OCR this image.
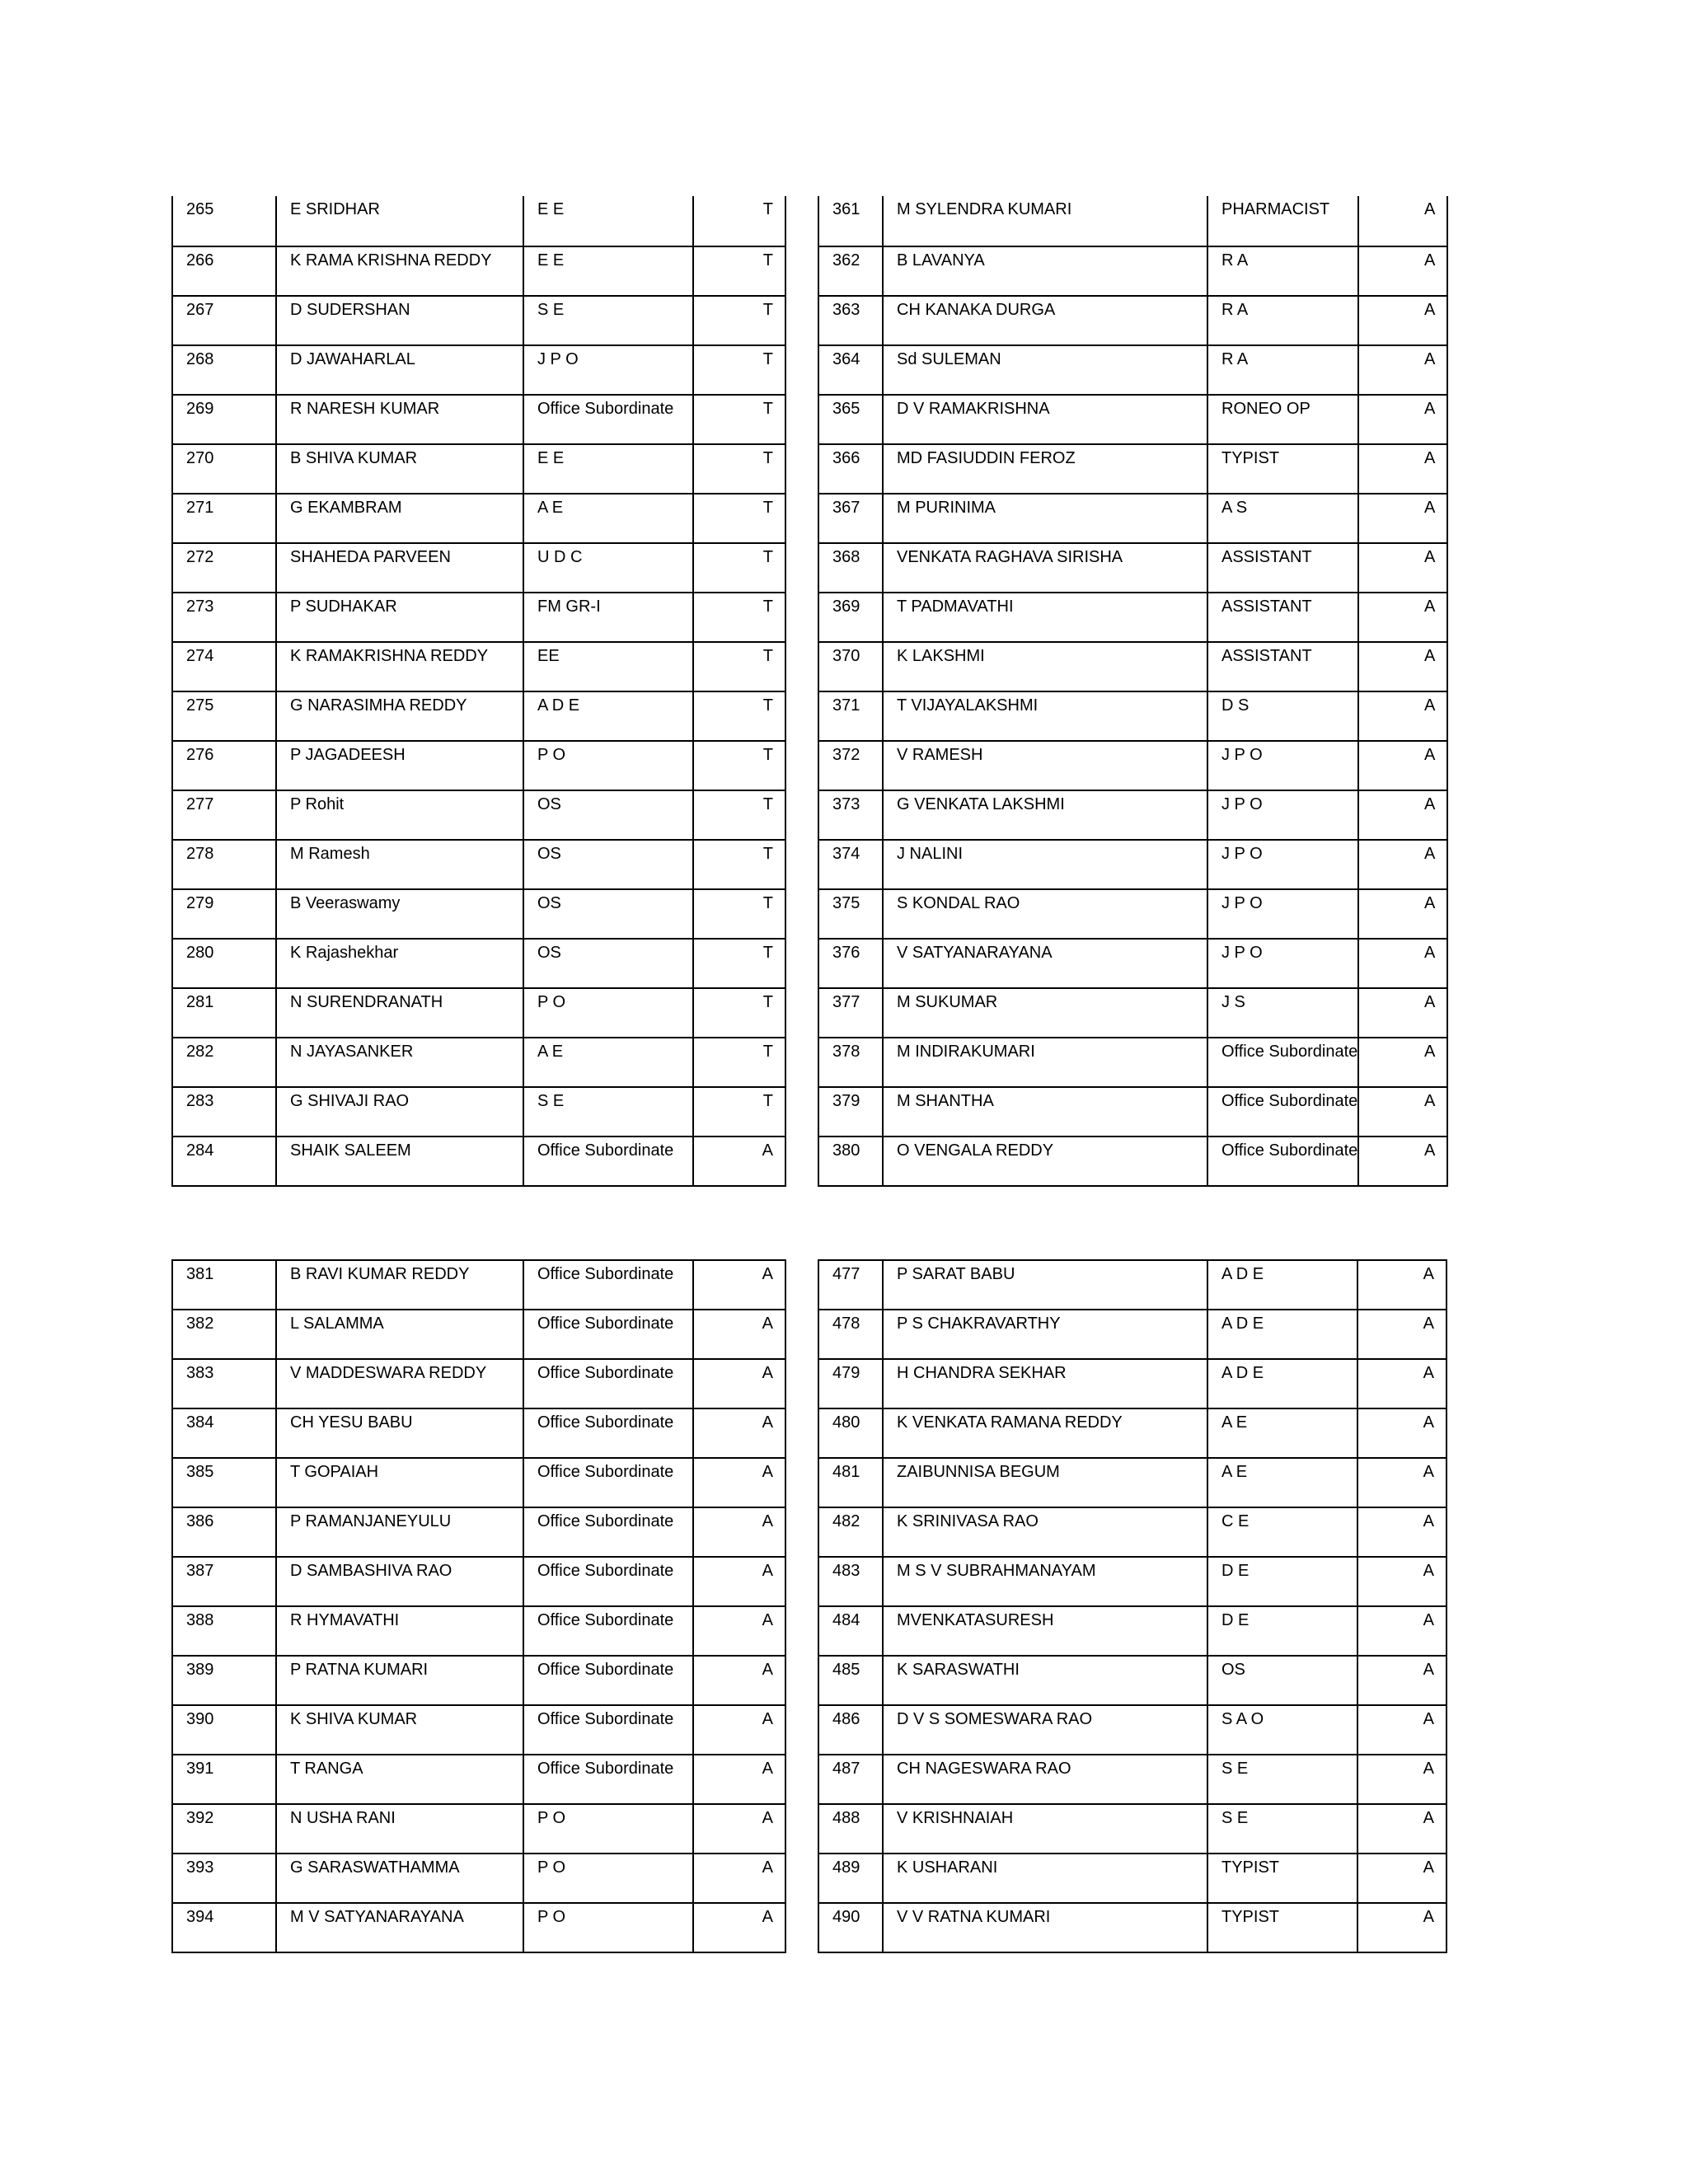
265	E SRIDHAR	E E	T

266	K RAMA KRISHNA REDDY	E E	T

267	D SUDERSHAN	S E	T

268	D JAWAHARLAL	J P O	T

269	R NARESH KUMAR	Office Subordinate	T

270	B SHIVA KUMAR	E E	T

271	G EKAMBRAM	A E	T

272	SHAHEDA PARVEEN	U D C	T

273	P SUDHAKAR	FM GR-I	T

274	K RAMAKRISHNA REDDY	EE	T

275	G NARASIMHA REDDY	A D E	T

276	P JAGADEESH	P O	T

277	P Rohit	OS	T

278	M Ramesh	OS	T

279	B Veeraswamy	OS	T

280	K Rajashekhar	OS	T

281	N SURENDRANATH	P O	T

282	N JAYASANKER	A E	T

283	G SHIVAJI RAO	S E	T

284	SHAIK SALEEM	Office Subordinate	A
361	M SYLENDRA KUMARI	PHARMACIST	A

362	B LAVANYA	R A	A

363	CH KANAKA DURGA	R A	A

364	Sd SULEMAN	R A	A

365	D V RAMAKRISHNA	RONEO OP	A

366	MD FASIUDDIN FEROZ	TYPIST	A

367	M PURINIMA	A S	A

368	VENKATA RAGHAVA SIRISHA	ASSISTANT	A

369	T PADMAVATHI	ASSISTANT	A

370	K LAKSHMI	ASSISTANT	A

371	T VIJAYALAKSHMI	D S	A

372	V RAMESH	J P O	A

373	G VENKATA LAKSHMI	J P O	A

374	J NALINI	J P O	A

375	S KONDAL RAO	J P O	A

376	V SATYANARAYANA	J P O	A

377	M SUKUMAR	J S	A

378	M INDIRAKUMARI	Office Subordinate	A

379	M SHANTHA	Office Subordinate	A

380	O VENGALA REDDY	Office Subordinate	A
381	B RAVI KUMAR REDDY	Office Subordinate	A

382	L SALAMMA	Office Subordinate	A

383	V MADDESWARA REDDY	Office Subordinate	A

384	CH YESU BABU	Office Subordinate	A

385	T GOPAIAH	Office Subordinate	A

386	P RAMANJANEYULU	Office Subordinate	A

387	D SAMBASHIVA RAO	Office Subordinate	A

388	R HYMAVATHI	Office Subordinate	A

389	P RATNA KUMARI	Office Subordinate	A

390	K SHIVA KUMAR	Office Subordinate	A

391	T RANGA	Office Subordinate	A

392	N USHA RANI	P O	A

393	G SARASWATHAMMA	P O	A

394	M V SATYANARAYANA	P O	A
477	P SARAT BABU	A D E	A

478	P S CHAKRAVARTHY	A D E	A

479	H CHANDRA SEKHAR	A D E	A

480	K VENKATA RAMANA REDDY	A E	A

481	ZAIBUNNISA BEGUM	A E	A

482	K SRINIVASA RAO	C E	A

483	M S V SUBRAHMANAYAM	D E	A

484	MVENKATASURESH	D E	A

485	K SARASWATHI	OS	A

486	D V S SOMESWARA RAO	S A O	A

487	CH NAGESWARA RAO	S E	A

488	V KRISHNAIAH	S E	A

489	K USHARANI	TYPIST	A

490	V V RATNA KUMARI	TYPIST	A
